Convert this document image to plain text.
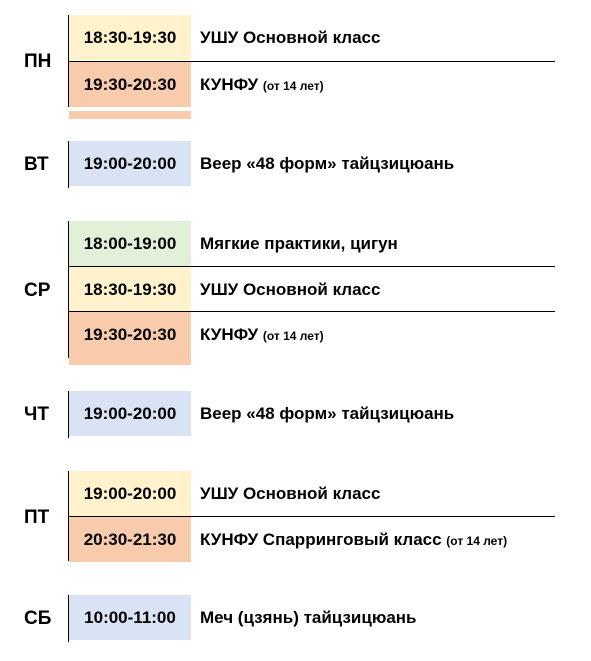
ПН
18:30-19:30	УШУ Основной класс
19:30-20:30	КУНФУ (от 14 лет)
ВТ	19:00-20:00	Веер «48 форм» тайцзицюань
СР
18:00-19:00	Мягкие практики, цигун
18:30-19:30	УШУ Основной класс
19:30-20:30	КУНФУ (от 14 лет)
ЧТ	19:00-20:00	Веер «48 форм» тайцзицюань
ПТ
19:00-20:00	УШУ Основной класс
20:30-21:30	КУНФУ Спарринговый класс (от 14 лет)
СБ	10:00-11:00	Меч (цзянь) тайцзицюань
